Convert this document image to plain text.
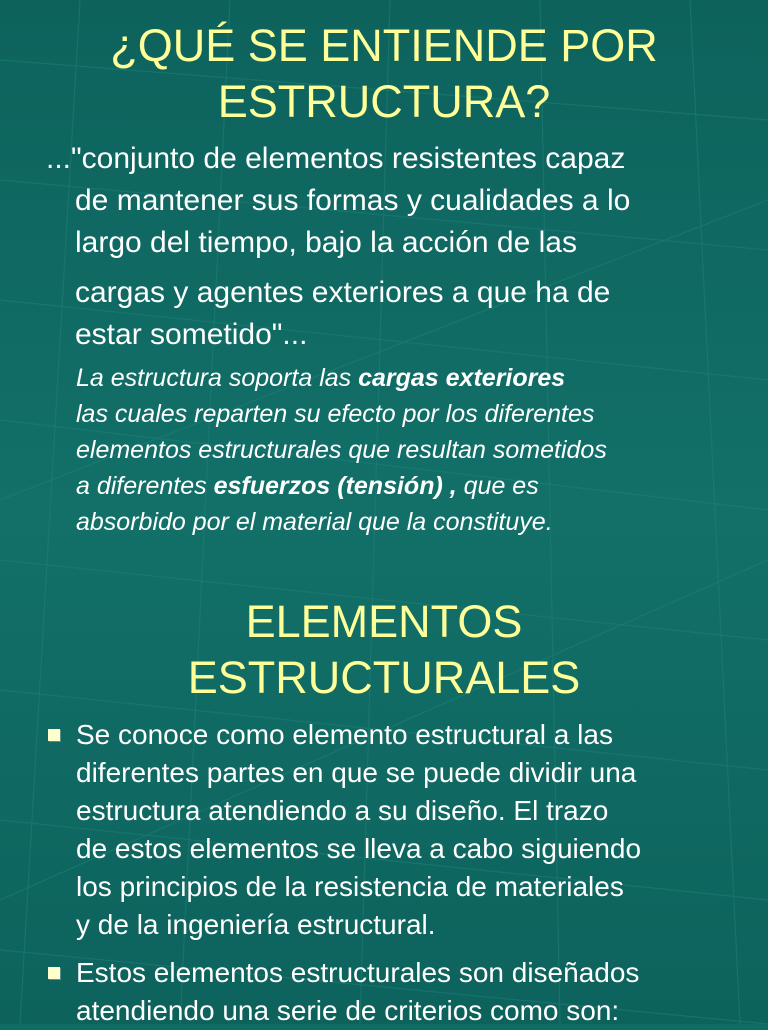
¿QUÉ SE ENTIENDE POR
ESTRUCTURA?
..."conjunto de elementos resistentes capaz
de mantener sus formas y cualidades a lo
largo del tiempo, bajo la acción de las
cargas y agentes exteriores a que ha de
estar sometido"...
La estructura soporta las cargas exteriores
las cuales reparten su efecto por los diferentes
elementos estructurales que resultan sometidos
a diferentes esfuerzos (tensión) , que es
absorbido por el material que la constituye.
ELEMENTOS
ESTRUCTURALES
Se conoce como elemento estructural a las
diferentes partes en que se puede dividir una
estructura atendiendo a su diseño. El trazo
de estos elementos se lleva a cabo siguiendo
los principios de la resistencia de materiales
y de la ingeniería estructural.
Estos elementos estructurales son diseñados
atendiendo una serie de criterios como son:
